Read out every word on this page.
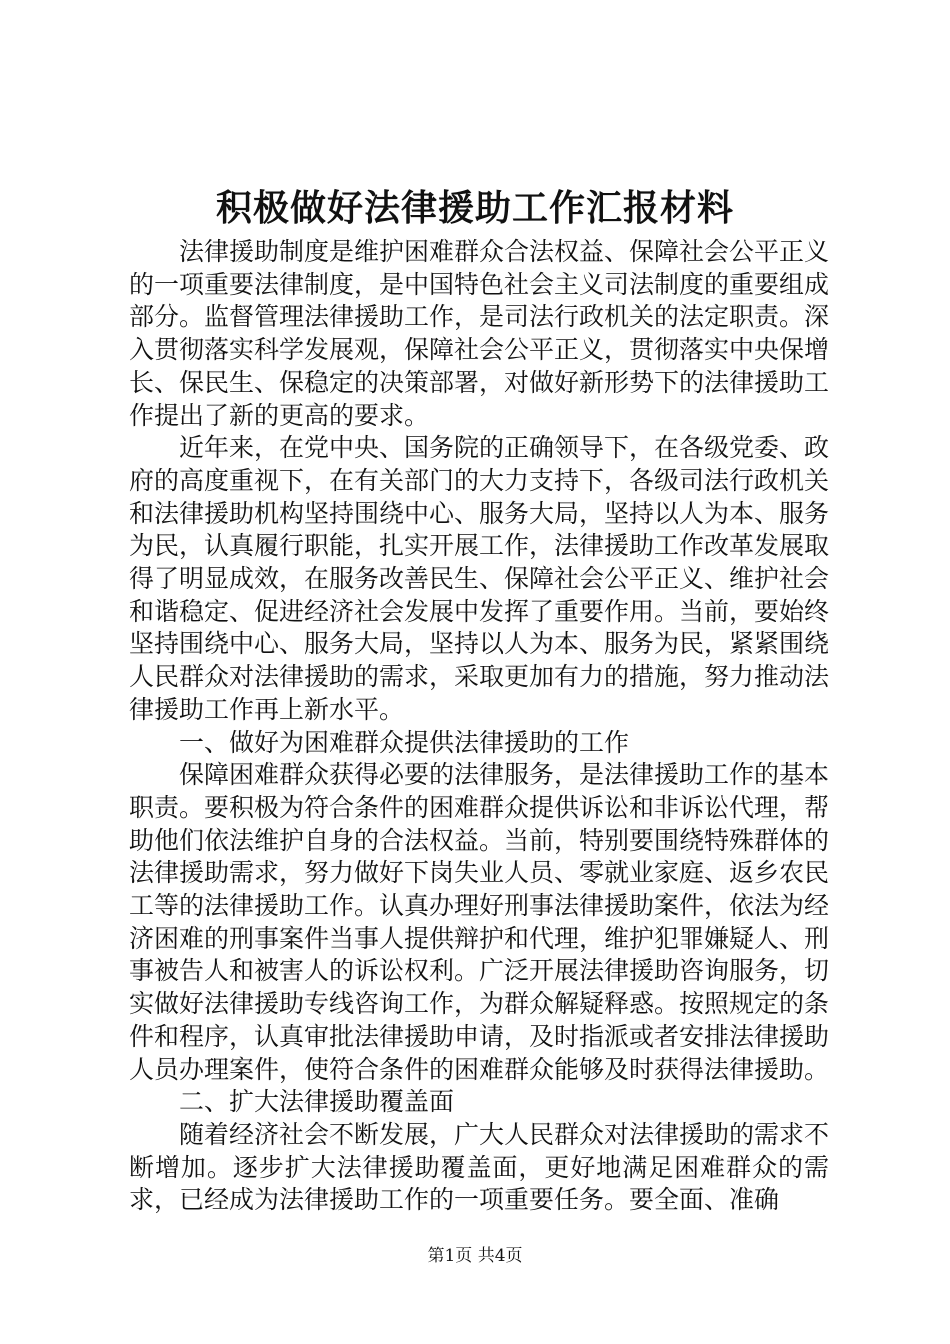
积极做好法律援助工作汇报材料

法律援助制度是维护困难群众合法权益、保障社会公平正义的一项重要法律制度，是中国特色社会主义司法制度的重要组成部分。监督管理法律援助工作，是司法行政机关的法定职责。深入贯彻落实科学发展观，保障社会公平正义，贯彻落实中央保增长、保民生、保稳定的决策部署，对做好新形势下的法律援助工作提出了新的更高的要求。

近年来，在党中央、国务院的正确领导下，在各级党委、政府的高度重视下，在有关部门的大力支持下，各级司法行政机关和法律援助机构坚持围绕中心、服务大局，坚持以人为本、服务为民，认真履行职能，扎实开展工作，法律援助工作改革发展取得了明显成效，在服务改善民生、保障社会公平正义、维护社会和谐稳定、促进经济社会发展中发挥了重要作用。当前，要始终坚持围绕中心、服务大局，坚持以人为本、服务为民，紧紧围绕人民群众对法律援助的需求，采取更加有力的措施，努力推动法律援助工作再上新水平。

一、做好为困难群众提供法律援助的工作

保障困难群众获得必要的法律服务，是法律援助工作的基本职责。要积极为符合条件的困难群众提供诉讼和非诉讼代理，帮助他们依法维护自身的合法权益。当前，特别要围绕特殊群体的法律援助需求，努力做好下岗失业人员、零就业家庭、返乡农民工等的法律援助工作。认真办理好刑事法律援助案件，依法为经济困难的刑事案件当事人提供辩护和代理，维护犯罪嫌疑人、刑事被告人和被害人的诉讼权利。广泛开展法律援助咨询服务，切实做好法律援助专线咨询工作，为群众解疑释惑。按照规定的条件和程序，认真审批法律援助申请，及时指派或者安排法律援助人员办理案件，使符合条件的困难群众能够及时获得法律援助。

二、扩大法律援助覆盖面

随着经济社会不断发展，广大人民群众对法律援助的需求不断增加。逐步扩大法律援助覆盖面，更好地满足困难群众的需求，已经成为法律援助工作的一项重要任务。要全面、准确

第1页 共4页
